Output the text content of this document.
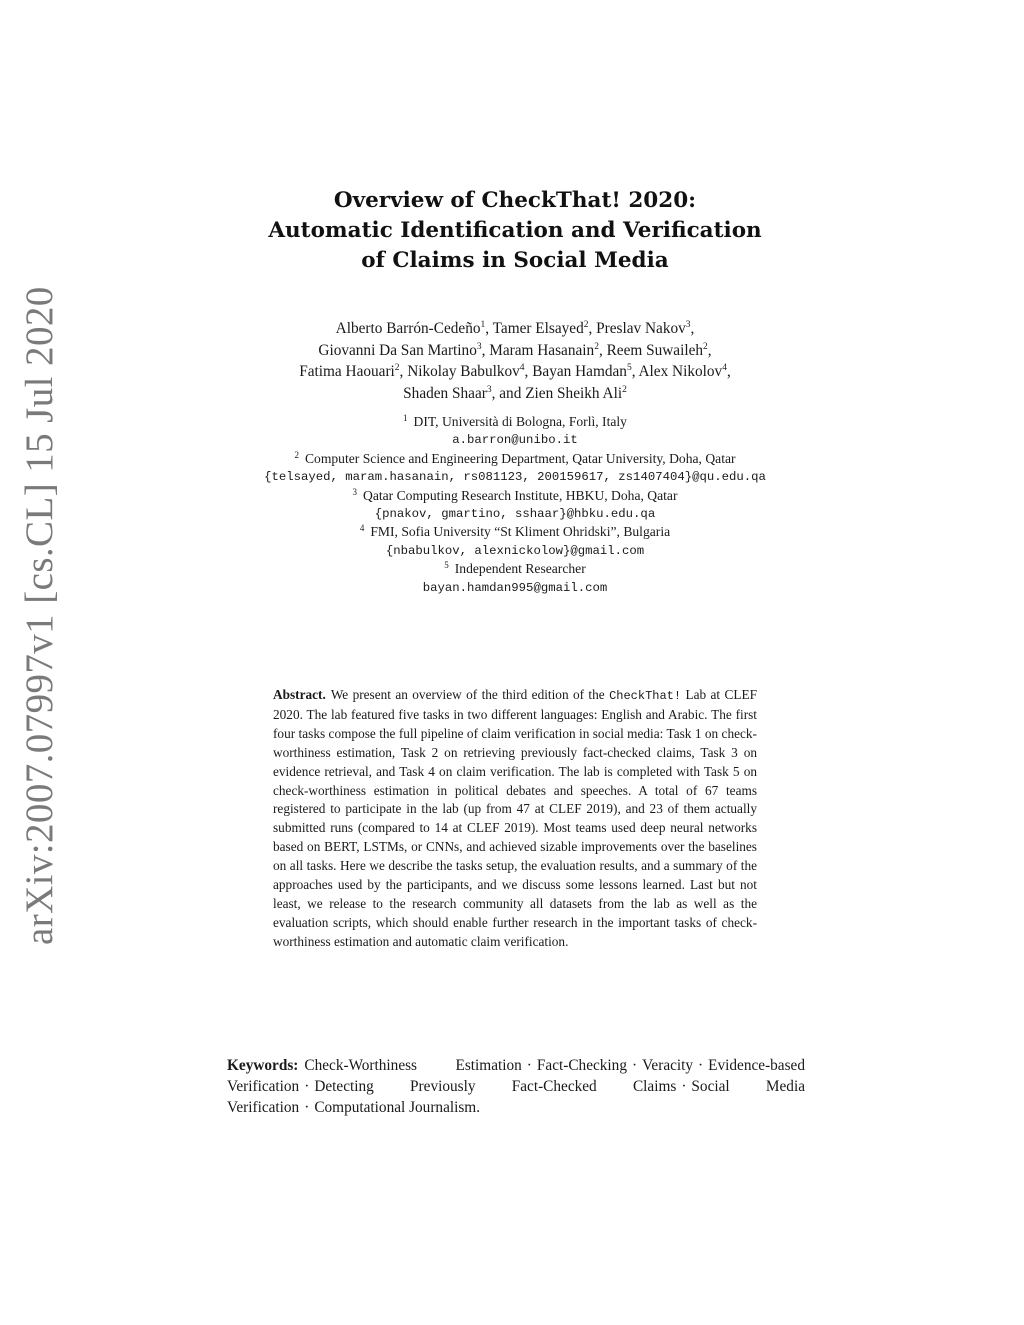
arXiv:2007.07997v1 [cs.CL] 15 Jul 2020
Overview of CheckThat! 2020:
Automatic Identification and Verification
of Claims in Social Media
Alberto Barrón-Cedeño$^1$, Tamer Elsayed$^2$, Preslav Nakov$^3$,
Giovanni Da San Martino$^3$, Maram Hasanain$^2$, Reem Suwaileh$^2$,
Fatima Haouari$^2$, Nikolay Babulkov$^4$, Bayan Hamdan$^5$, Alex Nikolov$^4$,
Shaden Shaar$^3$, and Zien Sheikh Ali$^2$
$^1$ DIT, Università di Bologna, Forlì, Italy
a.barron@unibo.it
$^2$ Computer Science and Engineering Department, Qatar University, Doha, Qatar
{telsayed, maram.hasanain, rs081123, 200159617, zs1407404}@qu.edu.qa
$^3$ Qatar Computing Research Institute, HBKU, Doha, Qatar
{pnakov, gmartino, sshaar}@hbku.edu.qa
$^4$ FMI, Sofia University “St Kliment Ohridski”, Bulgaria
{nbabulkov, alexnickolow}@gmail.com
$^5$ Independent Researcher
bayan.hamdan995@gmail.com
Abstract. We present an overview of the third edition of the CheckThat! Lab at CLEF 2020. The lab featured five tasks in two different languages: English and Arabic. The first four tasks compose the full pipeline of claim verification in social media: Task 1 on check-worthiness estimation, Task 2 on retrieving previously fact-checked claims, Task 3 on evidence retrieval, and Task 4 on claim verification. The lab is completed with Task 5 on check-worthiness estimation in political debates and speeches. A total of 67 teams registered to participate in the lab (up from 47 at CLEF 2019), and 23 of them actually submitted runs (compared to 14 at CLEF 2019). Most teams used deep neural networks based on BERT, LSTMs, or CNNs, and achieved sizable improvements over the baselines on all tasks. Here we describe the tasks setup, the evaluation results, and a summary of the approaches used by the participants, and we discuss some lessons learned. Last but not least, we release to the research community all datasets from the lab as well as the evaluation scripts, which should enable further research in the important tasks of check-worthiness estimation and automatic claim verification.
Keywords: Check-Worthiness Estimation · Fact-Checking · Veracity · Evidence-based Verification · Detecting Previously Fact-Checked Claims · Social Media Verification · Computational Journalism.
